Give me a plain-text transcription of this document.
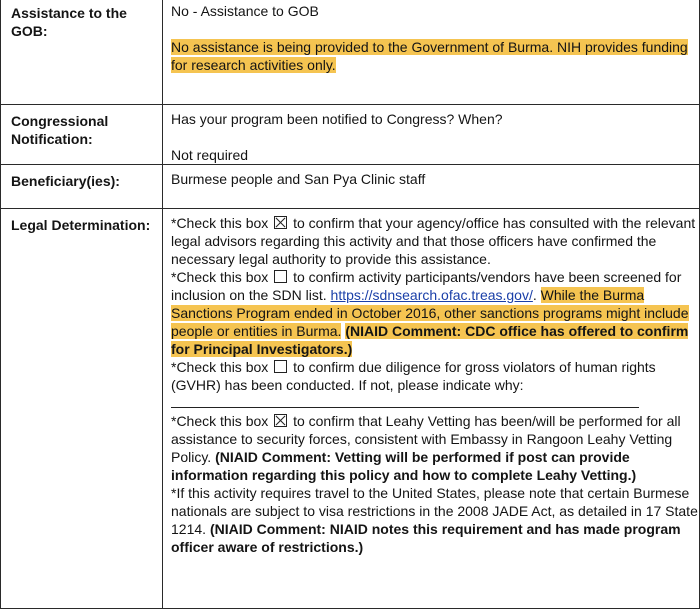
Assistance to the GOB:	No - Assistance to GOB

No assistance is being provided to the Government of Burma. NIH provides funding for research activities only.

Congressional Notification:	Has your program been notified to Congress? When?

Not required

Beneficiary(ies):	Burmese people and San Pya Clinic staff

Legal Determination:	*Check this box to confirm that your agency/office has consulted with the relevant legal advisors regarding this activity and that those officers have confirmed the necessary legal authority to provide this assistance.

*Check this box to confirm activity participants/vendors have been screened for inclusion on the SDN list. https://sdnsearch.ofac.treas.gov/. While the Burma Sanctions Program ended in October 2016, other sanctions programs might include people or entities in Burma. (NIAID Comment: CDC office has offered to confirm for Principal Investigators.)

*Check this box to confirm due diligence for gross violators of human rights (GVHR) has been conducted. If not, please indicate why:

*Check this box to confirm that Leahy Vetting has been/will be performed for all assistance to security forces, consistent with Embassy in Rangoon Leahy Vetting Policy. (NIAID Comment: Vetting will be performed if post can provide information regarding this policy and how to complete Leahy Vetting.)

*If this activity requires travel to the United States, please note that certain Burmese nationals are subject to visa restrictions in the 2008 JADE Act, as detailed in 17 State 1214. (NIAID Comment: NIAID notes this requirement and has made program officer aware of restrictions.)
